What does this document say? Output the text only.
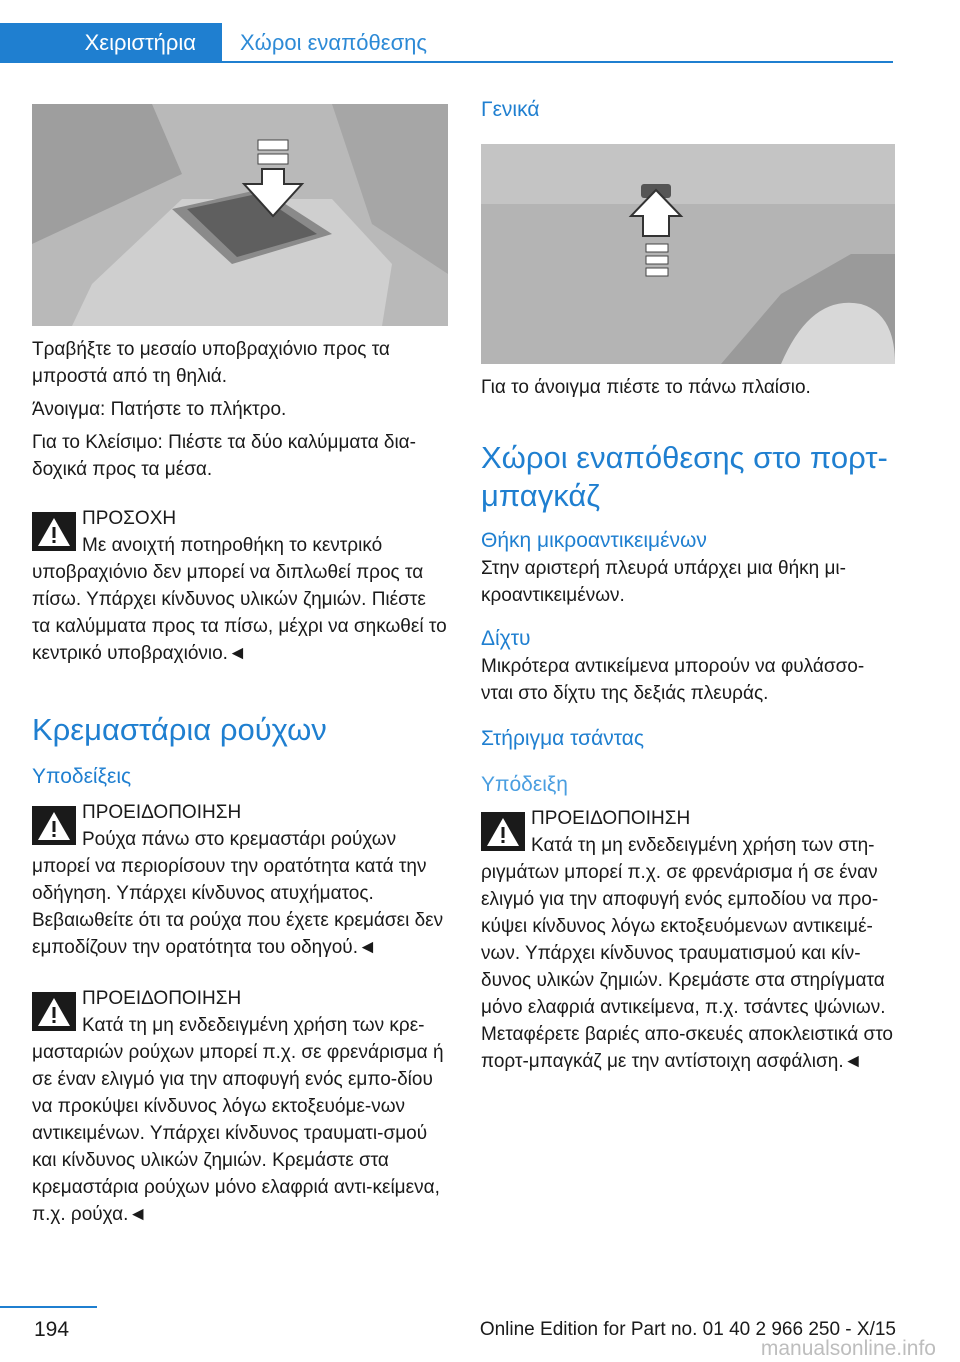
Χειριστήρια Χώροι εναπόθεσης

Τραβήξτε το μεσαίο υποβραχιόνιο προς τα μπροστά από τη θηλιά.

Άνοιγμα: Πατήστε το πλήκτρο.

Για το Κλείσιμο: Πιέστε τα δύο καλύμματα δια-δοχικά προς τα μέσα.

ΠΡΟΣΟΧΗ

Με ανοιχτή ποτηροθήκη το κεντρικό

υποβραχιόνιο δεν μπορεί να διπλωθεί προς τα πίσω. Υπάρχει κίνδυνος υλικών ζημιών. Πιέστε τα καλύμματα προς τα πίσω, μέχρι να σηκωθεί το κεντρικό υποβραχιόνιο.◄

Κρεμαστάρια ρούχων
Υποδείξεις

ΠΡΟΕΙΔΟΠΟΙΗΣΗ

Ρούχα πάνω στο κρεμαστάρι ρούχων

μπορεί να περιορίσουν την ορατότητα κατά την οδήγηση. Υπάρχει κίνδυνος ατυχήματος. Βεβαιωθείτε ότι τα ρούχα που έχετε κρεμάσει δεν εμποδίζουν την ορατότητα του οδηγού.◄

ΠΡΟΕΙΔΟΠΟΙΗΣΗ

Κατά τη μη ενδεδειγμένη χρήση των κρε-

μασταριών ρούχων μπορεί π.χ. σε φρενάρισμα ή σε έναν ελιγμό για την αποφυγή ενός εμπο-δίου να προκύψει κίνδυνος λόγω εκτοξευόμε-νων αντικειμένων. Υπάρχει κίνδυνος τραυματι-σμού και κίνδυνος υλικών ζημιών. Κρεμάστε στα κρεμαστάρια ρούχων μόνο ελαφριά αντι-κείμενα, π.χ. ρούχα.◄

Γενικά

Για το άνοιγμα πιέστε το πάνω πλαίσιο.

Χώροι εναπόθεσης στο πορτ-μπαγκάζ
Θήκη μικροαντικειμένων

Στην αριστερή πλευρά υπάρχει μια θήκη μι-κροαντικειμένων.

Δίχτυ

Μικρότερα αντικείμενα μπορούν να φυλάσσο-νται στο δίχτυ της δεξιάς πλευράς.

Στήριγμα τσάντας
Υπόδειξη

ΠΡΟΕΙΔΟΠΟΙΗΣΗ

Κατά τη μη ενδεδειγμένη χρήση των στη-

ριγμάτων μπορεί π.χ. σε φρενάρισμα ή σε έναν ελιγμό για την αποφυγή ενός εμποδίου να προ-κύψει κίνδυνος λόγω εκτοξευόμενων αντικειμέ-νων. Υπάρχει κίνδυνος τραυματισμού και κίν-δυνος υλικών ζημιών. Κρεμάστε στα στηρίγματα μόνο ελαφριά αντικείμενα, π.χ. τσάντες ψώνιων. Μεταφέρετε βαριές απο-σκευές αποκλειστικά στο πορτ-μπαγκάζ με την αντίστοιχη ασφάλιση.◄

194	Online Edition for Part no. 01 40 2 966 250 - X/15
manualsonline.info
